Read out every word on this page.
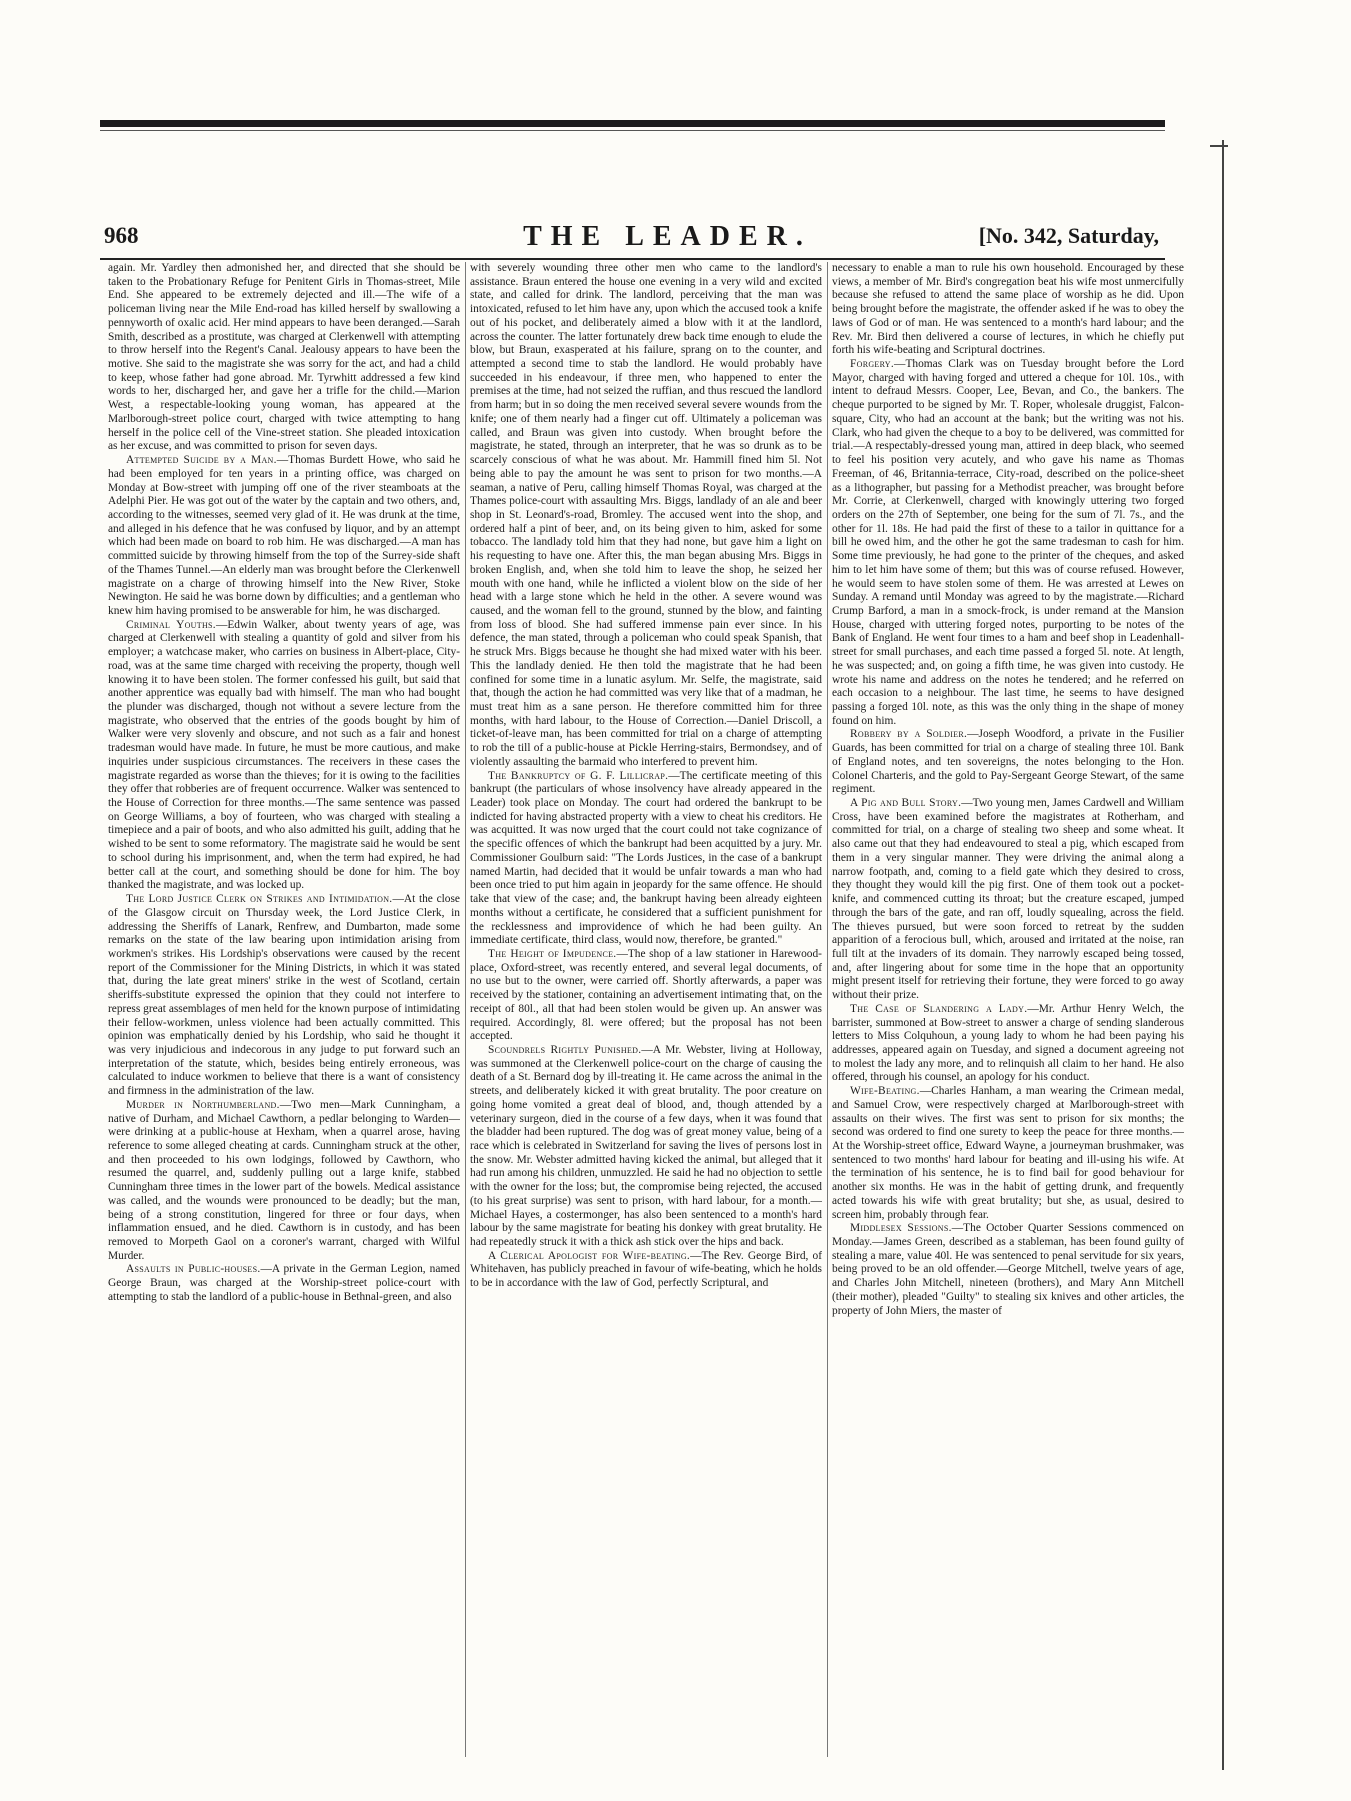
968	THE LEADER.	[No. 342, Saturday,

again. Mr. Yardley then admonished her, and directed that she should be taken to the Probationary Refuge for Penitent Girls in Thomas-street, Mile End. She appeared to be extremely dejected and ill.—The wife of a policeman living near the Mile End-road has killed herself by swallowing a pennyworth of oxalic acid. Her mind appears to have been deranged.—Sarah Smith, described as a prostitute, was charged at Clerkenwell with attempting to throw herself into the Regent's Canal. Jealousy appears to have been the motive. She said to the magistrate she was sorry for the act, and had a child to keep, whose father had gone abroad. Mr. Tyrwhitt addressed a few kind words to her, discharged her, and gave her a trifle for the child.—Marion West, a respectable-looking young woman, has appeared at the Marlborough-street police court, charged with twice attempting to hang herself in the police cell of the Vine-street station. She pleaded intoxication as her excuse, and was committed to prison for seven days.

Attempted Suicide by a Man.—Thomas Burdett Howe, who said he had been employed for ten years in a printing office, was charged on Monday at Bow-street with jumping off one of the river steamboats at the Adelphi Pier. He was got out of the water by the captain and two others, and, according to the witnesses, seemed very glad of it. He was drunk at the time, and alleged in his defence that he was confused by liquor, and by an attempt which had been made on board to rob him. He was discharged.—A man has committed suicide by throwing himself from the top of the Surrey-side shaft of the Thames Tunnel.—An elderly man was brought before the Clerkenwell magistrate on a charge of throwing himself into the New River, Stoke Newington. He said he was borne down by difficulties; and a gentleman who knew him having promised to be answerable for him, he was discharged.

Criminal Youths.—Edwin Walker, about twenty years of age, was charged at Clerkenwell with stealing a quantity of gold and silver from his employer; a watchcase maker, who carries on business in Albert-place, City-road, was at the same time charged with receiving the property, though well knowing it to have been stolen. The former confessed his guilt, but said that another apprentice was equally bad with himself. The man who had bought the plunder was discharged, though not without a severe lecture from the magistrate, who observed that the entries of the goods bought by him of Walker were very slovenly and obscure, and not such as a fair and honest tradesman would have made. In future, he must be more cautious, and make inquiries under suspicious circumstances. The receivers in these cases the magistrate regarded as worse than the thieves; for it is owing to the facilities they offer that robberies are of frequent occurrence. Walker was sentenced to the House of Correction for three months.—The same sentence was passed on George Williams, a boy of fourteen, who was charged with stealing a timepiece and a pair of boots, and who also admitted his guilt, adding that he wished to be sent to some reformatory. The magistrate said he would be sent to school during his imprisonment, and, when the term had expired, he had better call at the court, and something should be done for him. The boy thanked the magistrate, and was locked up.

The Lord Justice Clerk on Strikes and Intimidation.—At the close of the Glasgow circuit on Thursday week, the Lord Justice Clerk, in addressing the Sheriffs of Lanark, Renfrew, and Dumbarton, made some remarks on the state of the law bearing upon intimidation arising from workmen's strikes. His Lordship's observations were caused by the recent report of the Commissioner for the Mining Districts, in which it was stated that, during the late great miners' strike in the west of Scotland, certain sheriffs-substitute expressed the opinion that they could not interfere to repress great assemblages of men held for the known purpose of intimidating their fellow-workmen, unless violence had been actually committed. This opinion was emphatically denied by his Lordship, who said he thought it was very injudicious and indecorous in any judge to put forward such an interpretation of the statute, which, besides being entirely erroneous, was calculated to induce workmen to believe that there is a want of consistency and firmness in the administration of the law.

Murder in Northumberland.—Two men—Mark Cunningham, a native of Durham, and Michael Cawthorn, a pedlar belonging to Warden—were drinking at a public-house at Hexham, when a quarrel arose, having reference to some alleged cheating at cards. Cunningham struck at the other, and then proceeded to his own lodgings, followed by Cawthorn, who resumed the quarrel, and, suddenly pulling out a large knife, stabbed Cunningham three times in the lower part of the bowels. Medical assistance was called, and the wounds were pronounced to be deadly; but the man, being of a strong constitution, lingered for three or four days, when inflammation ensued, and he died. Cawthorn is in custody, and has been removed to Morpeth Gaol on a coroner's warrant, charged with Wilful Murder.

Assaults in Public-houses.—A private in the German Legion, named George Braun, was charged at the Worship-street police-court with attempting to stab the landlord of a public-house in Bethnal-green, and also

with severely wounding three other men who came to the landlord's assistance. Braun entered the house one evening in a very wild and excited state, and called for drink. The landlord, perceiving that the man was intoxicated, refused to let him have any, upon which the accused took a knife out of his pocket, and deliberately aimed a blow with it at the landlord, across the counter. The latter fortunately drew back time enough to elude the blow, but Braun, exasperated at his failure, sprang on to the counter, and attempted a second time to stab the landlord. He would probably have succeeded in his endeavour, if three men, who happened to enter the premises at the time, had not seized the ruffian, and thus rescued the landlord from harm; but in so doing the men received several severe wounds from the knife; one of them nearly had a finger cut off. Ultimately a policeman was called, and Braun was given into custody. When brought before the magistrate, he stated, through an interpreter, that he was so drunk as to be scarcely conscious of what he was about. Mr. Hammill fined him 5l. Not being able to pay the amount he was sent to prison for two months.—A seaman, a native of Peru, calling himself Thomas Royal, was charged at the Thames police-court with assaulting Mrs. Biggs, landlady of an ale and beer shop in St. Leonard's-road, Bromley. The accused went into the shop, and ordered half a pint of beer, and, on its being given to him, asked for some tobacco. The landlady told him that they had none, but gave him a light on his requesting to have one. After this, the man began abusing Mrs. Biggs in broken English, and, when she told him to leave the shop, he seized her mouth with one hand, while he inflicted a violent blow on the side of her head with a large stone which he held in the other. A severe wound was caused, and the woman fell to the ground, stunned by the blow, and fainting from loss of blood. She had suffered immense pain ever since. In his defence, the man stated, through a policeman who could speak Spanish, that he struck Mrs. Biggs because he thought she had mixed water with his beer. This the landlady denied. He then told the magistrate that he had been confined for some time in a lunatic asylum. Mr. Selfe, the magistrate, said that, though the action he had committed was very like that of a madman, he must treat him as a sane person. He therefore committed him for three months, with hard labour, to the House of Correction.—Daniel Driscoll, a ticket-of-leave man, has been committed for trial on a charge of attempting to rob the till of a public-house at Pickle Herring-stairs, Bermondsey, and of violently assaulting the barmaid who interfered to prevent him.

The Bankruptcy of G. F. Lillicrap.—The certificate meeting of this bankrupt (the particulars of whose insolvency have already appeared in the Leader) took place on Monday. The court had ordered the bankrupt to be indicted for having abstracted property with a view to cheat his creditors. He was acquitted. It was now urged that the court could not take cognizance of the specific offences of which the bankrupt had been acquitted by a jury. Mr. Commissioner Goulburn said: "The Lords Justices, in the case of a bankrupt named Martin, had decided that it would be unfair towards a man who had been once tried to put him again in jeopardy for the same offence. He should take that view of the case; and, the bankrupt having been already eighteen months without a certificate, he considered that a sufficient punishment for the recklessness and improvidence of which he had been guilty. An immediate certificate, third class, would now, therefore, be granted."

The Height of Impudence.—The shop of a law stationer in Harewood-place, Oxford-street, was recently entered, and several legal documents, of no use but to the owner, were carried off. Shortly afterwards, a paper was received by the stationer, containing an advertisement intimating that, on the receipt of 80l., all that had been stolen would be given up. An answer was required. Accordingly, 8l. were offered; but the proposal has not been accepted.

Scoundrels Rightly Punished.—A Mr. Webster, living at Holloway, was summoned at the Clerkenwell police-court on the charge of causing the death of a St. Bernard dog by ill-treating it. He came across the animal in the streets, and deliberately kicked it with great brutality. The poor creature on going home vomited a great deal of blood, and, though attended by a veterinary surgeon, died in the course of a few days, when it was found that the bladder had been ruptured. The dog was of great money value, being of a race which is celebrated in Switzerland for saving the lives of persons lost in the snow. Mr. Webster admitted having kicked the animal, but alleged that it had run among his children, unmuzzled. He said he had no objection to settle with the owner for the loss; but, the compromise being rejected, the accused (to his great surprise) was sent to prison, with hard labour, for a month.—Michael Hayes, a costermonger, has also been sentenced to a month's hard labour by the same magistrate for beating his donkey with great brutality. He had repeatedly struck it with a thick ash stick over the hips and back.

A Clerical Apologist for Wife-beating.—The Rev. George Bird, of Whitehaven, has publicly preached in favour of wife-beating, which he holds to be in accordance with the law of God, perfectly Scriptural, and

necessary to enable a man to rule his own household. Encouraged by these views, a member of Mr. Bird's congregation beat his wife most unmercifully because she refused to attend the same place of worship as he did. Upon being brought before the magistrate, the offender asked if he was to obey the laws of God or of man. He was sentenced to a month's hard labour; and the Rev. Mr. Bird then delivered a course of lectures, in which he chiefly put forth his wife-beating and Scriptural doctrines.

Forgery.—Thomas Clark was on Tuesday brought before the Lord Mayor, charged with having forged and uttered a cheque for 10l. 10s., with intent to defraud Messrs. Cooper, Lee, Bevan, and Co., the bankers. The cheque purported to be signed by Mr. T. Roper, wholesale druggist, Falcon-square, City, who had an account at the bank; but the writing was not his. Clark, who had given the cheque to a boy to be delivered, was committed for trial.—A respectably-dressed young man, attired in deep black, who seemed to feel his position very acutely, and who gave his name as Thomas Freeman, of 46, Britannia-terrace, City-road, described on the police-sheet as a lithographer, but passing for a Methodist preacher, was brought before Mr. Corrie, at Clerkenwell, charged with knowingly uttering two forged orders on the 27th of September, one being for the sum of 7l. 7s., and the other for 1l. 18s. He had paid the first of these to a tailor in quittance for a bill he owed him, and the other he got the same tradesman to cash for him. Some time previously, he had gone to the printer of the cheques, and asked him to let him have some of them; but this was of course refused. However, he would seem to have stolen some of them. He was arrested at Lewes on Sunday. A remand until Monday was agreed to by the magistrate.—Richard Crump Barford, a man in a smock-frock, is under remand at the Mansion House, charged with uttering forged notes, purporting to be notes of the Bank of England. He went four times to a ham and beef shop in Leadenhall-street for small purchases, and each time passed a forged 5l. note. At length, he was suspected; and, on going a fifth time, he was given into custody. He wrote his name and address on the notes he tendered; and he referred on each occasion to a neighbour. The last time, he seems to have designed passing a forged 10l. note, as this was the only thing in the shape of money found on him.

Robbery by a Soldier.—Joseph Woodford, a private in the Fusilier Guards, has been committed for trial on a charge of stealing three 10l. Bank of England notes, and ten sovereigns, the notes belonging to the Hon. Colonel Charteris, and the gold to Pay-Sergeant George Stewart, of the same regiment.

A Pig and Bull Story.—Two young men, James Cardwell and William Cross, have been examined before the magistrates at Rotherham, and committed for trial, on a charge of stealing two sheep and some wheat. It also came out that they had endeavoured to steal a pig, which escaped from them in a very singular manner. They were driving the animal along a narrow footpath, and, coming to a field gate which they desired to cross, they thought they would kill the pig first. One of them took out a pocket-knife, and commenced cutting its throat; but the creature escaped, jumped through the bars of the gate, and ran off, loudly squealing, across the field. The thieves pursued, but were soon forced to retreat by the sudden apparition of a ferocious bull, which, aroused and irritated at the noise, ran full tilt at the invaders of its domain. They narrowly escaped being tossed, and, after lingering about for some time in the hope that an opportunity might present itself for retrieving their fortune, they were forced to go away without their prize.

The Case of Slandering a Lady.—Mr. Arthur Henry Welch, the barrister, summoned at Bow-street to answer a charge of sending slanderous letters to Miss Colquhoun, a young lady to whom he had been paying his addresses, appeared again on Tuesday, and signed a document agreeing not to molest the lady any more, and to relinquish all claim to her hand. He also offered, through his counsel, an apology for his conduct.

Wife-Beating.—Charles Hanham, a man wearing the Crimean medal, and Samuel Crow, were respectively charged at Marlborough-street with assaults on their wives. The first was sent to prison for six months; the second was ordered to find one surety to keep the peace for three months.—At the Worship-street office, Edward Wayne, a journeyman brushmaker, was sentenced to two months' hard labour for beating and ill-using his wife. At the termination of his sentence, he is to find bail for good behaviour for another six months. He was in the habit of getting drunk, and frequently acted towards his wife with great brutality; but she, as usual, desired to screen him, probably through fear.

Middlesex Sessions.—The October Quarter Sessions commenced on Monday.—James Green, described as a stableman, has been found guilty of stealing a mare, value 40l. He was sentenced to penal servitude for six years, being proved to be an old offender.—George Mitchell, twelve years of age, and Charles John Mitchell, nineteen (brothers), and Mary Ann Mitchell (their mother), pleaded "Guilty" to stealing six knives and other articles, the property of John Miers, the master of
